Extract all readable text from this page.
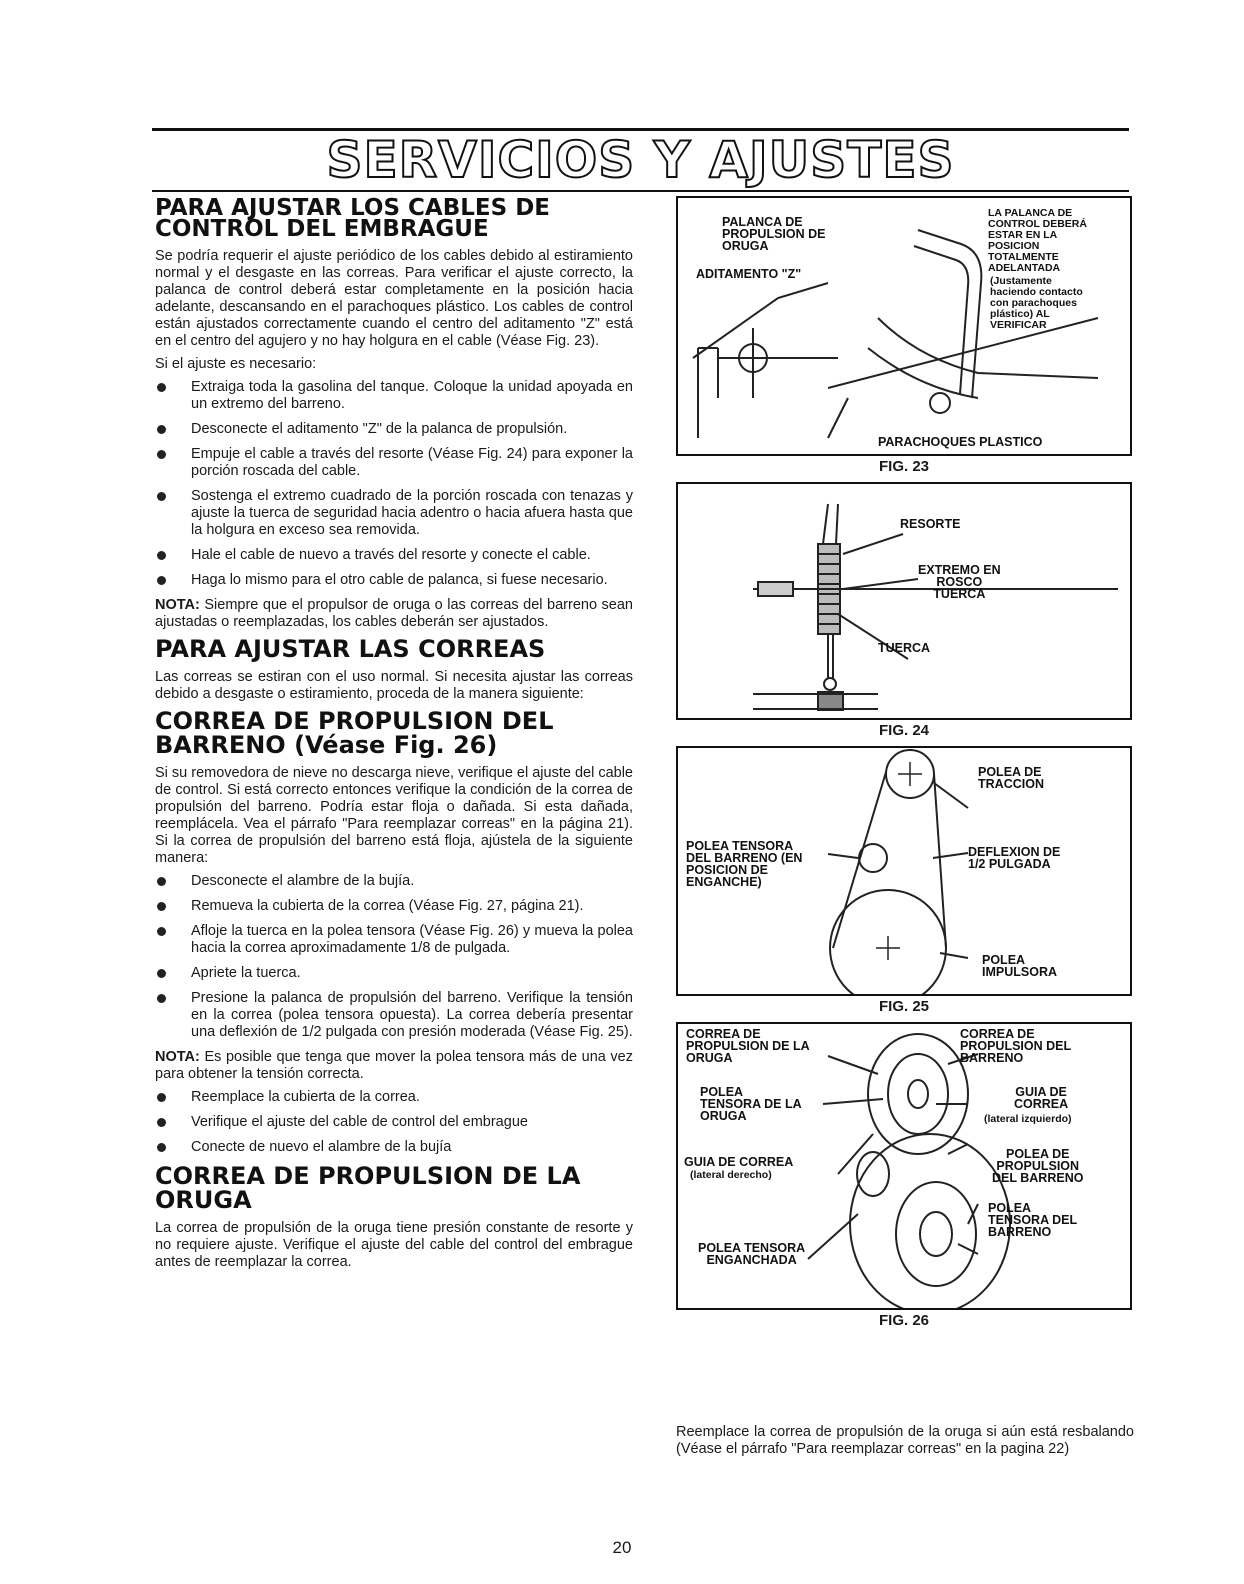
SERVICIOS Y AJUSTES
PARA AJUSTAR LOS CABLES DE CONTROL DEL EMBRAGUE

Se podría requerir el ajuste periódico de los cables debido al estiramiento normal y el desgaste en las correas. Para verificar el ajuste correcto, la palanca de control deberá estar completamente en la posición hacia adelante, descansando en el parachoques plástico. Los cables de control están ajustados correctamente cuando el centro del aditamento "Z" está en el centro del agujero y no hay holgura en el cable (Véase Fig. 23).

Si el ajuste es necesario:

Extraiga toda la gasolina del tanque. Coloque la unidad apoyada en un extremo del barreno.
Desconecte el aditamento "Z" de la palanca de propulsión.
Empuje el cable a través del resorte (Véase Fig. 24) para exponer la porción roscada del cable.
Sostenga el extremo cuadrado de la porción roscada con tenazas y ajuste la tuerca de seguridad hacia adentro o hacia afuera hasta que la holgura en exceso sea removida.
Hale el cable de nuevo a través del resorte y conecte el cable.
Haga lo mismo para el otro cable de palanca, si fuese necesario.

NOTA: Siempre que el propulsor de oruga o las correas del barreno sean ajustadas o reemplazadas, los cables deberán ser ajustados.

PARA AJUSTAR LAS CORREAS

Las correas se estiran con el uso normal. Si necesita ajustar las correas debido a desgaste o estiramiento, proceda de la manera siguiente:

CORREA DE PROPULSION DEL BARRENO (Véase Fig. 26)

Si su removedora de nieve no descarga nieve, verifique el ajuste del cable de control. Si está correcto entonces verifique la condición de la correa de propulsión del barreno. Podría estar floja o dañada. Si esta dañada, reemplácela. Vea el párrafo "Para reemplazar correas" en la página 21). Si la correa de propulsión del barreno está floja, ajústela de la siguiente manera:

Desconecte el alambre de la bujía.
Remueva la cubierta de la correa (Véase Fig. 27, página 21).
Afloje la tuerca en la polea tensora (Véase Fig. 26) y mueva la polea hacia la correa aproximadamente 1/8 de pulgada.
Apriete la tuerca.
Presione la palanca de propulsión del barreno. Verifique la tensión en la correa (polea tensora opuesta). La correa debería presentar una deflexión de 1/2 pulgada con presión moderada (Véase Fig. 25).

NOTA: Es posible que tenga que mover la polea tensora más de una vez para obtener la tensión correcta.

Reemplace la cubierta de la correa.
Verifique el ajuste del cable de control del embrague
Conecte de nuevo el alambre de la bujía
CORREA DE PROPULSION DE LA ORUGA

La correa de propulsión de la oruga tiene presión constante de resorte y no requiere ajuste. Verifique el ajuste del cable del control del embrague antes de reemplazar la correa.

PALANCA DE
PROPULSION DE
ORUGA
ADITAMENTO "Z"
LA PALANCA DE
CONTROL DEBERÁ
ESTAR EN LA
POSICION
TOTALMENTE
ADELANTADA
(Justamente
haciendo contacto
con parachoques
plástico) AL
VERIFICAR
PARACHOQUES PLASTICO
FIG. 23
RESORTE
EXTREMO EN
ROSCO
TUERCA
TUERCA
FIG. 24
POLEA DE
TRACCION
POLEA TENSORA
DEL BARRENO (EN
POSICION DE
ENGANCHE)
DEFLEXION DE
1/2 PULGADA
POLEA
IMPULSORA
FIG. 25
CORREA DE
PROPULSION DE LA
ORUGA
CORREA DE
PROPULSION DEL
BARRENO
POLEA
TENSORA DE LA
ORUGA
GUIA DE
CORREA
(lateral izquierdo)
GUIA DE CORREA
(lateral derecho)
POLEA DE
PROPULSION
DEL BARRENO
POLEA
TENSORA DEL
BARRENO
POLEA TENSORA
ENGANCHADA
FIG. 26

Reemplace la correa de propulsión de la oruga si aún está resbalando (Véase el párrafo "Para reemplazar correas" en la pagina 22)

20
